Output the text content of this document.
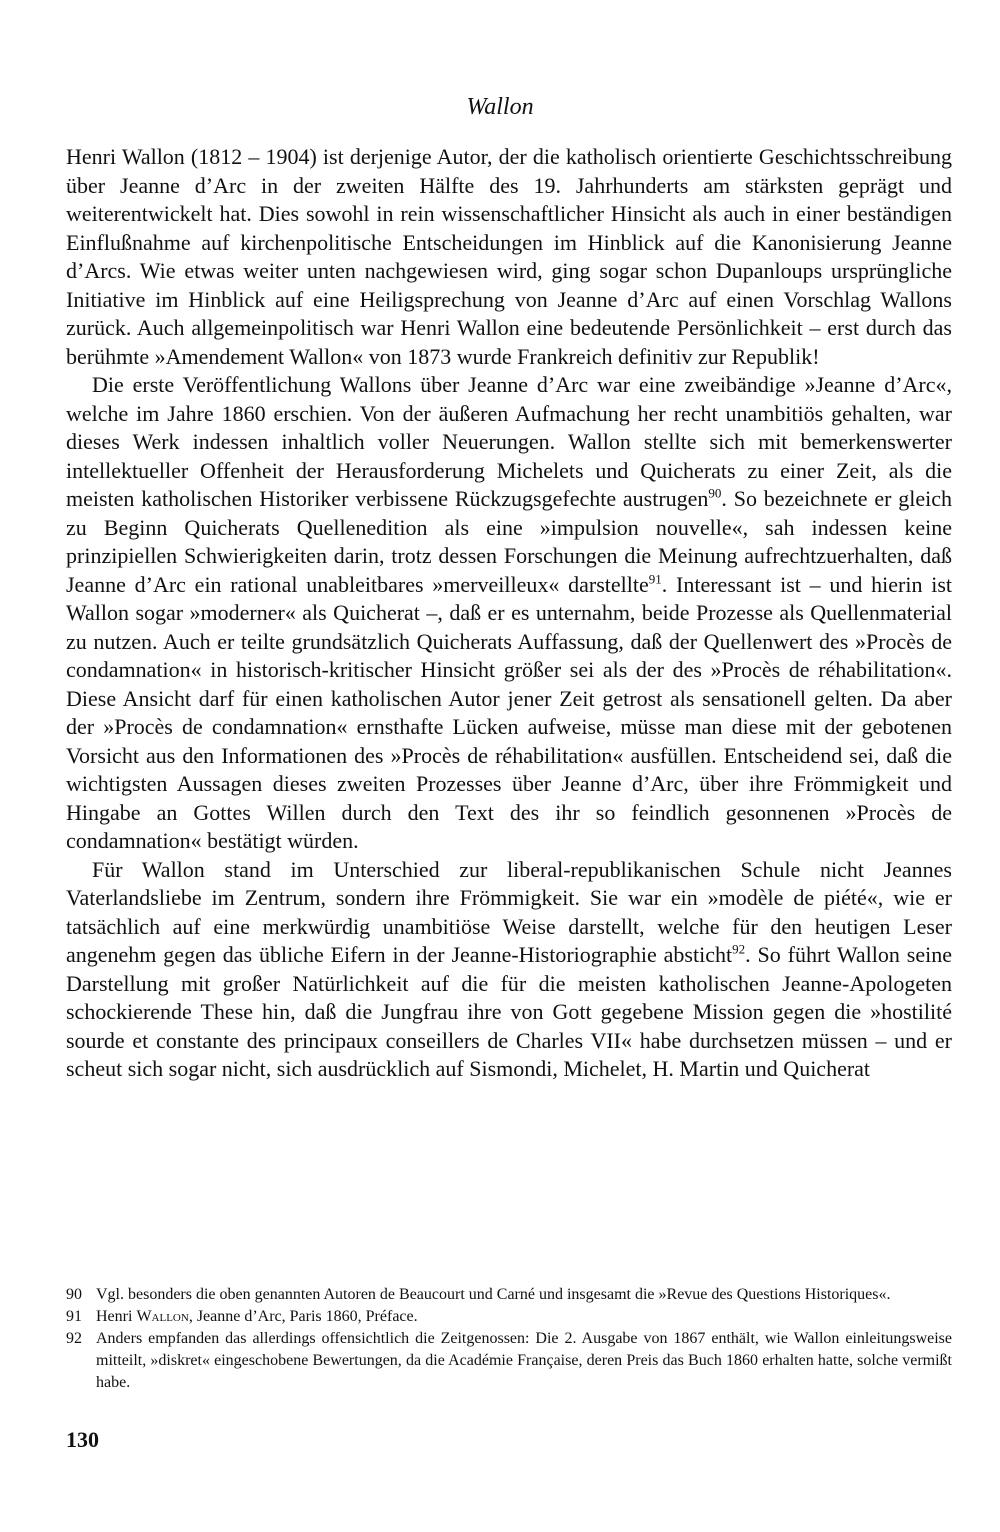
Wallon

Henri Wallon (1812 – 1904) ist derjenige Autor, der die katholisch orientierte Geschichtsschreibung über Jeanne d’Arc in der zweiten Hälfte des 19. Jahrhunderts am stärksten geprägt und weiterentwickelt hat. Dies sowohl in rein wissenschaftlicher Hinsicht als auch in einer beständigen Einflußnahme auf kirchenpolitische Entscheidungen im Hinblick auf die Kanonisierung Jeanne d’Arcs. Wie etwas weiter unten nachgewiesen wird, ging sogar schon Dupanloups ursprüngliche Initiative im Hinblick auf eine Heiligsprechung von Jeanne d’Arc auf einen Vorschlag Wallons zurück. Auch allgemeinpolitisch war Henri Wallon eine bedeutende Persönlichkeit – erst durch das berühmte »Amendement Wallon« von 1873 wurde Frankreich definitiv zur Republik!

Die erste Veröffentlichung Wallons über Jeanne d’Arc war eine zweibändige »Jeanne d’Arc«, welche im Jahre 1860 erschien. Von der äußeren Aufmachung her recht unambitiös gehalten, war dieses Werk indessen inhaltlich voller Neuerungen. Wallon stellte sich mit bemerkenswerter intellektueller Offenheit der Herausforderung Michelets und Quicherats zu einer Zeit, als die meisten katholischen Historiker verbissene Rückzugsgefechte austrugen$^{90}$. So bezeichnete er gleich zu Beginn Quicherats Quellenedition als eine »impulsion nouvelle«, sah indessen keine prinzipiellen Schwierigkeiten darin, trotz dessen Forschungen die Meinung aufrechtzuerhalten, daß Jeanne d’Arc ein rational unableitbares »merveilleux« darstellte$^{91}$. Interessant ist – und hierin ist Wallon sogar »moderner« als Quicherat –, daß er es unternahm, beide Prozesse als Quellenmaterial zu nutzen. Auch er teilte grundsätzlich Quicherats Auffassung, daß der Quellenwert des »Procès de condamnation« in historisch-kritischer Hinsicht größer sei als der des »Procès de réhabilitation«. Diese Ansicht darf für einen katholischen Autor jener Zeit getrost als sensationell gelten. Da aber der »Procès de condamnation« ernsthafte Lücken aufweise, müsse man diese mit der gebotenen Vorsicht aus den Informationen des »Procès de réhabilitation« ausfüllen. Entscheidend sei, daß die wichtigsten Aussagen dieses zweiten Prozesses über Jeanne d’Arc, über ihre Frömmigkeit und Hingabe an Gottes Willen durch den Text des ihr so feindlich gesonnenen »Procès de condamnation« bestätigt würden.

Für Wallon stand im Unterschied zur liberal-republikanischen Schule nicht Jeannes Vaterlandsliebe im Zentrum, sondern ihre Frömmigkeit. Sie war ein »modèle de piété«, wie er tatsächlich auf eine merkwürdig unambitiöse Weise darstellt, welche für den heutigen Leser angenehm gegen das übliche Eifern in der Jeanne-Historiographie absticht$^{92}$. So führt Wallon seine Darstellung mit großer Natürlichkeit auf die für die meisten katholischen Jeanne-Apologeten schockierende These hin, daß die Jungfrau ihre von Gott gegebene Mission gegen die »hostilité sourde et constante des principaux conseillers de Charles VII« habe durchsetzen müssen – und er scheut sich sogar nicht, sich ausdrücklich auf Sismondi, Michelet, H. Martin und Quicherat

90 Vgl. besonders die oben genannten Autoren de Beaucourt und Carné und insgesamt die »Revue des Questions Historiques«.
91 Henri Wallon, Jeanne d’Arc, Paris 1860, Préface.
92 Anders empfanden das allerdings offensichtlich die Zeitgenossen: Die 2. Ausgabe von 1867 enthält, wie Wallon einleitungsweise mitteilt, »diskret« eingeschobene Bewertungen, da die Académie Française, deren Preis das Buch 1860 erhalten hatte, solche vermißt habe.
130
